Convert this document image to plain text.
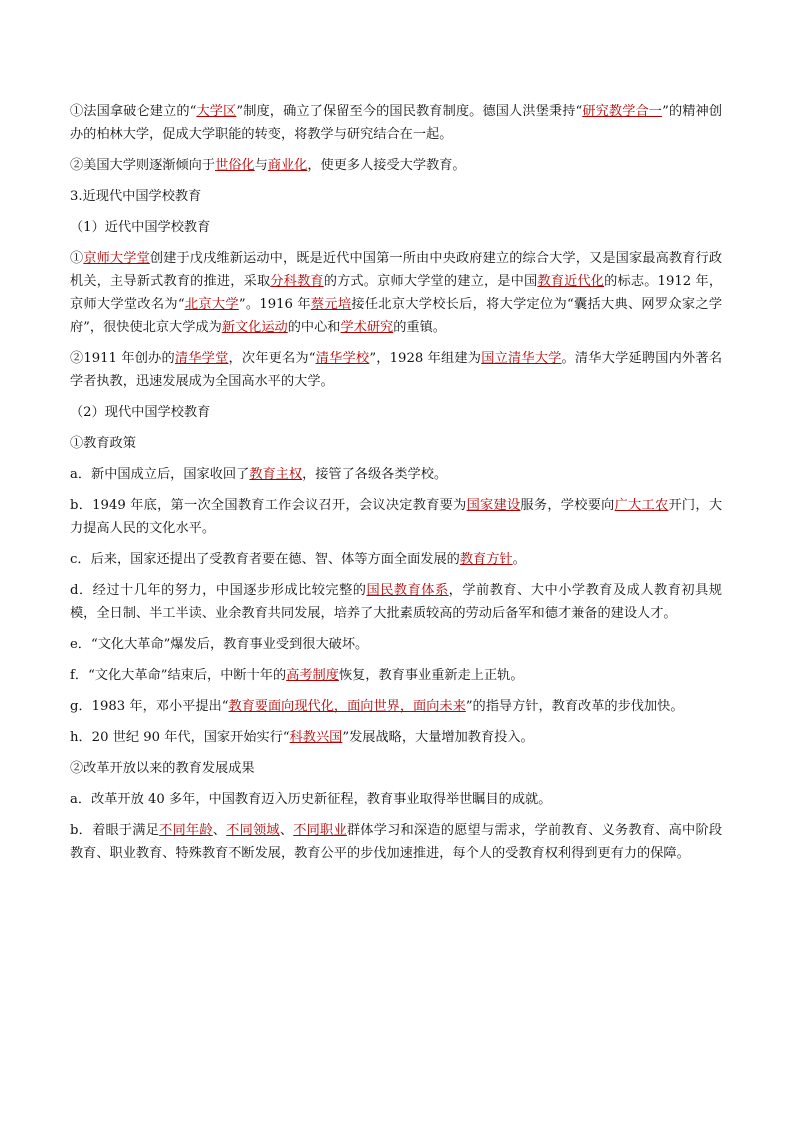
①法国拿破仑建立的“大学区”制度，确立了保留至今的国民教育制度。德国人洪堡秉持“研究教学合一”的精神创办的柏林大学，促成大学职能的转变，将教学与研究结合在一起。

②美国大学则逐渐倾向于世俗化与商业化，使更多人接受大学教育。

3.近现代中国学校教育

（1）近代中国学校教育

①京师大学堂创建于戊戌维新运动中，既是近代中国第一所由中央政府建立的综合大学，又是国家最高教育行政机关，主导新式教育的推进，采取分科教育的方式。京师大学堂的建立，是中国教育近代化的标志。1912 年，京师大学堂改名为“北京大学”。1916 年蔡元培接任北京大学校长后，将大学定位为“囊括大典、网罗众家之学府”，很快使北京大学成为新文化运动的中心和学术研究的重镇。

②1911 年创办的清华学堂，次年更名为“清华学校”，1928 年组建为国立清华大学。清华大学延聘国内外著名学者执教，迅速发展成为全国高水平的大学。

（2）现代中国学校教育

①教育政策

a．新中国成立后，国家收回了教育主权，接管了各级各类学校。

b．1949 年底，第一次全国教育工作会议召开，会议决定教育要为国家建设服务，学校要向广大工农开门，大力提高人民的文化水平。

c．后来，国家还提出了受教育者要在德、智、体等方面全面发展的教育方针。

d．经过十几年的努力，中国逐步形成比较完整的国民教育体系，学前教育、大中小学教育及成人教育初具规模，全日制、半工半读、业余教育共同发展，培养了大批素质较高的劳动后备军和德才兼备的建设人才。

e．“文化大革命”爆发后，教育事业受到很大破坏。

f．“文化大革命”结束后，中断十年的高考制度恢复，教育事业重新走上正轨。

g．1983 年，邓小平提出“教育要面向现代化，面向世界，面向未来”的指导方针，教育改革的步伐加快。

h．20 世纪 90 年代，国家开始实行“科教兴国”发展战略，大量增加教育投入。

②改革开放以来的教育发展成果

a．改革开放 40 多年，中国教育迈入历史新征程，教育事业取得举世瞩目的成就。

b．着眼于满足不同年龄、不同领域、不同职业群体学习和深造的愿望与需求，学前教育、义务教育、高中阶段教育、职业教育、特殊教育不断发展，教育公平的步伐加速推进，每个人的受教育权利得到更有力的保障。
